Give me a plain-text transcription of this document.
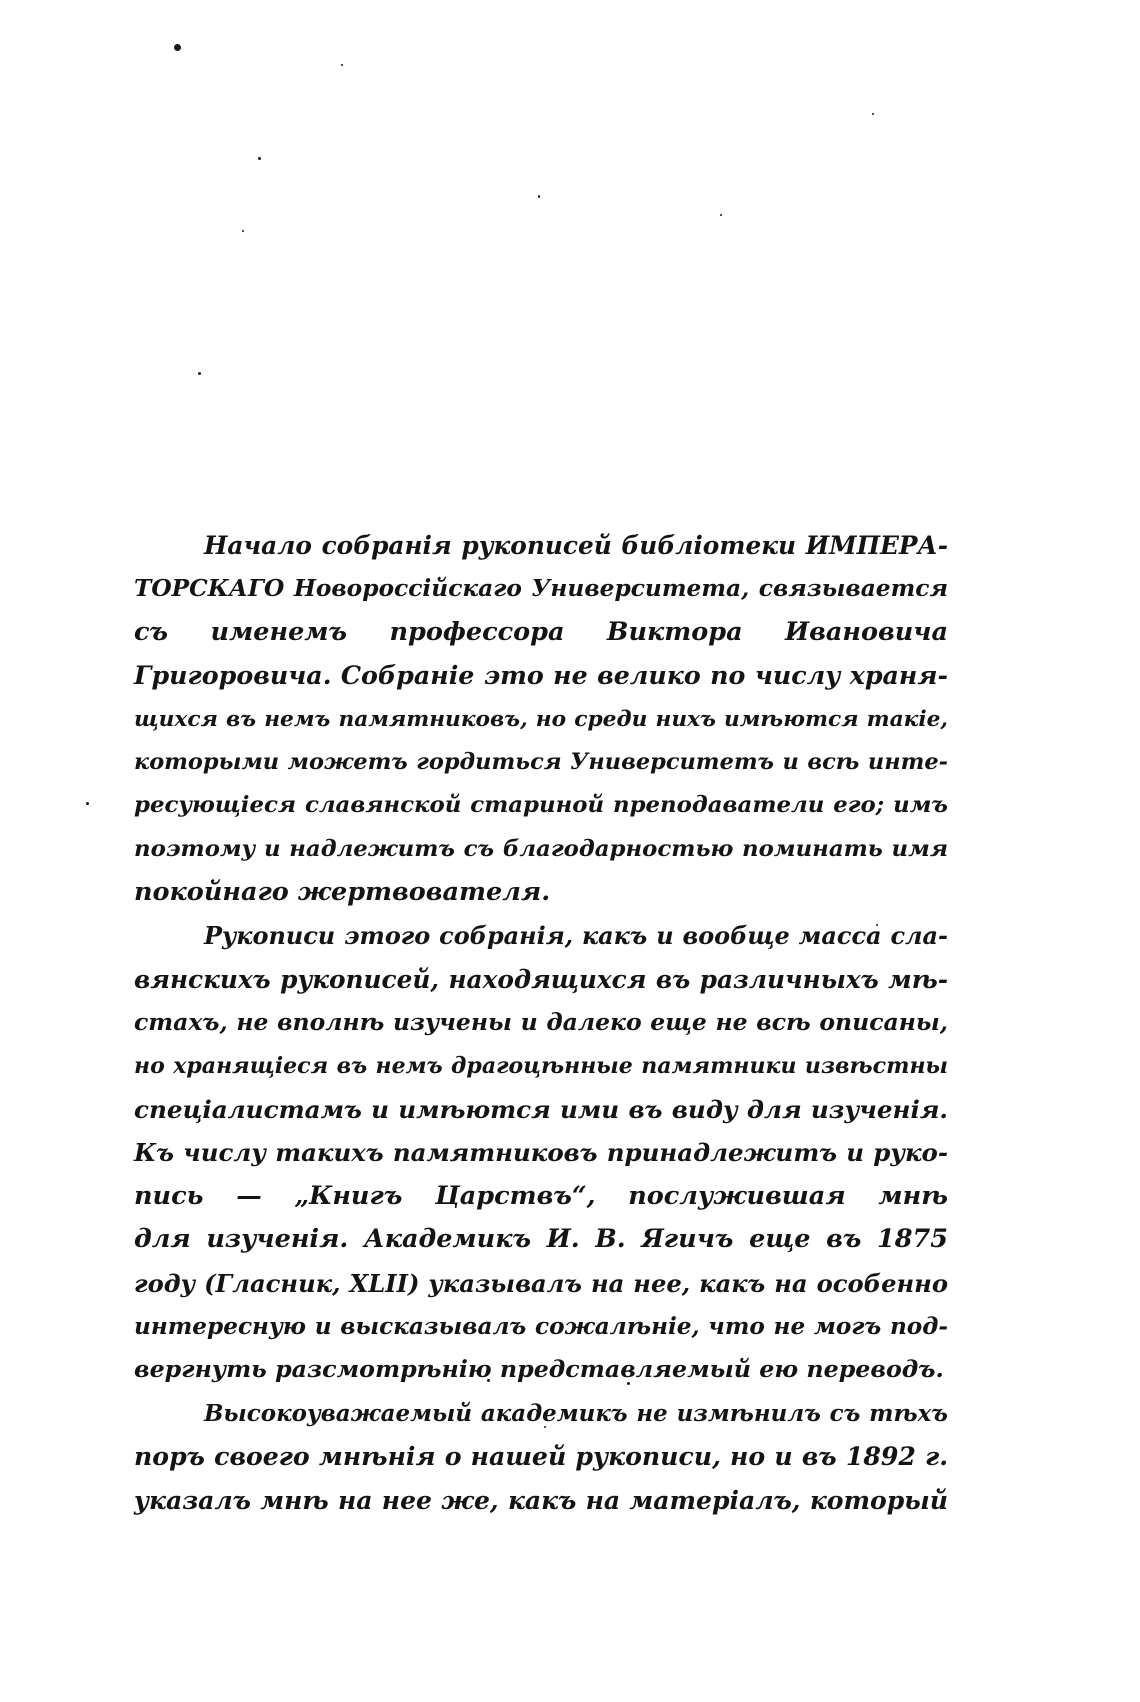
Начало собранія рукописей библіотеки ИМПЕРА-
ТОРСКАГО Новороссійскаго Университета, связывается
съ именемъ профессора Виктора Ивановича
Григоровича. Собраніе это не велико по числу храня-
щихся въ немъ памятниковъ, но среди нихъ имѣются такіе,
которыми можетъ гордиться Университетъ и всѣ инте-
ресующіеся славянской стариной преподаватели его; имъ
поэтому и надлежитъ съ благодарностью поминать имя
покойнаго жертвователя.
Рукописи этого собранія, какъ и вообще масса сла-
вянскихъ рукописей, находящихся въ различныхъ мѣ-
стахъ, не вполнѣ изучены и далеко еще не всѣ описаны,
но хранящіеся въ немъ драгоцѣнные памятники извѣстны
спеціалистамъ и имѣются ими въ виду для изученія.
Къ числу такихъ памятниковъ принадлежитъ и руко-
пись — „Книгъ Царствъ“, послужившая мнѣ
для изученія. Академикъ И. В. Ягичъ еще въ 1875
году (Гласник, XLII) указывалъ на нее, какъ на особенно
интересную и высказывалъ сожалѣніе, что не могъ под-
вергнуть разсмотрѣнію представляемый ею переводъ.
Высокоуважаемый академикъ не измѣнилъ съ тѣхъ
поръ своего мнѣнія о нашей рукописи, но и въ 1892 г.
указалъ мнѣ на нее же, какъ на матеріалъ, который
